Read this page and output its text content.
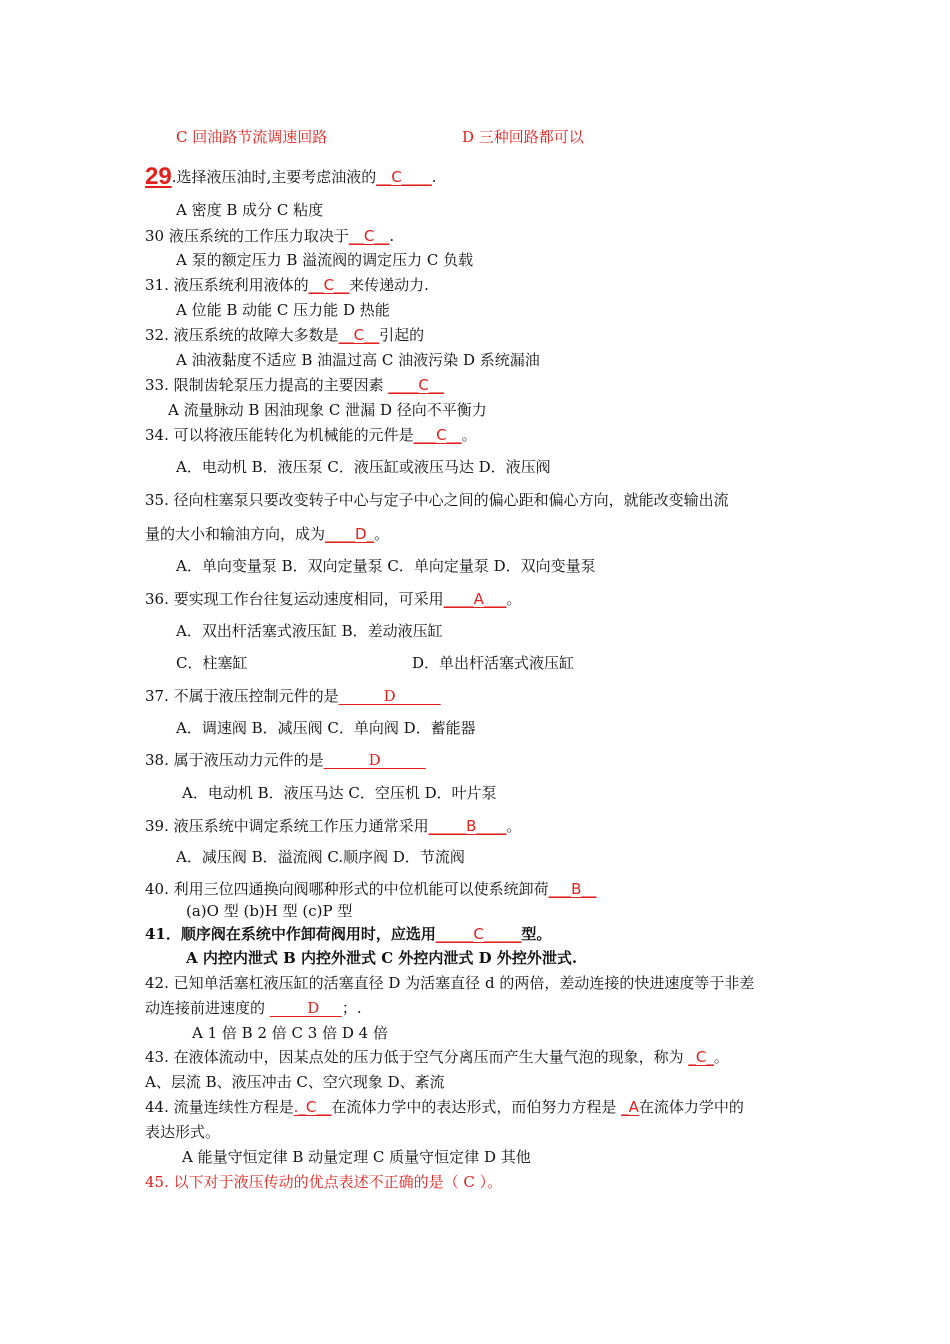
C 回油路节流调速回路	D 三种回路都可以
29.选择液压油时,主要考虑油液的__C____.
A 密度 B 成分 C 粘度
30 液压系统的工作压力取决于__C__.
A 泵的额定压力 B 溢流阀的调定压力 C 负载
31. 液压系统利用液体的__C__来传递动力.
A 位能 B 动能 C 压力能 D 热能
32. 液压系统的故障大多数是__C__引起的
A 油液黏度不适应 B 油温过高 C 油液污染 D 系统漏油
33. 限制齿轮泵压力提高的主要因素 ____C__
A 流量脉动 B 困油现象 C 泄漏 D 径向不平衡力
34. 可以将液压能转化为机械能的元件是___C__。
A．电动机 B．液压泵 C．液压缸或液压马达 D．液压阀
35. 径向柱塞泵只要改变转子中心与定子中心之间的偏心距和偏心方向，就能改变输出流
量的大小和输油方向，成为____D_。
A．单向变量泵 B．双向定量泵 C．单向定量泵 D．双向变量泵
36. 要实现工作台往复运动速度相同，可采用____A___。
A．双出杆活塞式液压缸 B．差动液压缸
C．柱塞缸	D．单出杆活塞式液压缸
37. 不属于液压控制元件的是______D______
A．调速阀 B．减压阀 C．单向阀 D．蓄能器
38. 属于液压动力元件的是______D______
A．电动机 B．液压马达 C．空压机 D．叶片泵
39. 液压系统中调定系统工作压力通常采用_____B____。
A．减压阀 B．溢流阀 C.顺序阀 D．节流阀
40. 利用三位四通换向阀哪种形式的中位机能可以使系统卸荷___B__
(a)O 型 (b)H 型 (c)P 型
41．顺序阀在系统中作卸荷阀用时，应选用_____C_____型。
A 内控内泄式 B 内控外泄式 C 外控内泄式 D 外控外泄式.
42. 已知单活塞杠液压缸的活塞直径 D 为活塞直径 d 的两倍，差动连接的快进速度等于非差
动连接前进速度的 _____D___；.
A 1 倍 B 2 倍 C 3 倍 D 4 倍
43. 在液体流动中，因某点处的压力低于空气分离压而产生大量气泡的现象，称为 _C_。
A、层流 B、液压冲击 C、空穴现象 D、紊流
44. 流量连续性方程是._C__在流体力学中的表达形式，而伯努力方程是 _A在流体力学中的
表达形式。
A 能量守恒定律 B 动量定理 C 质量守恒定律 D 其他
45. 以下对于液压传动的优点表述不正确的是（ C ）。
